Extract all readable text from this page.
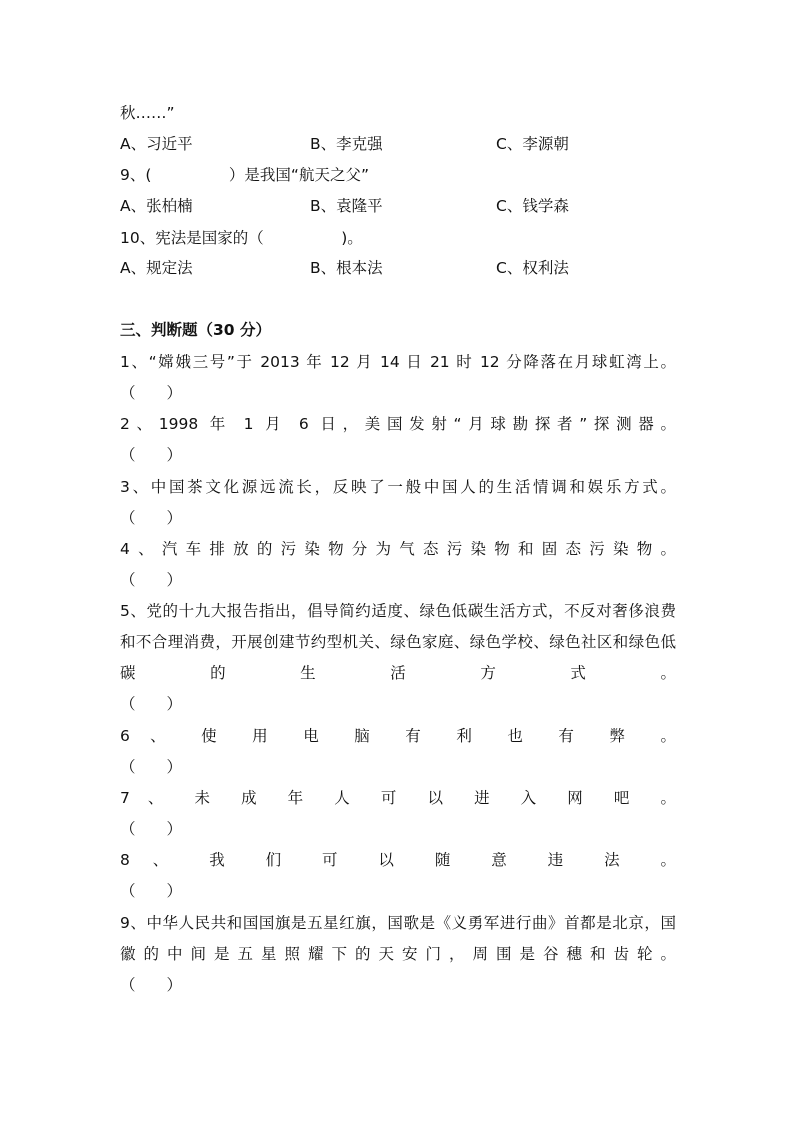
秋……”
A、习近平	B、李克强	C、李源朝
9、(　　　　　）是我国“航天之父”
A、张柏楠	B、袁隆平	C、钱学森
10、宪法是国家的（　　　　　)。
A、规定法	B、根本法	C、权利法
三、判断题（30 分）
1、“嫦娥三号”于 2013 年 12 月 14 日 21 时 12 分降落在月球虹湾上。
（　　）
2、1998 年 1 月 6 日，美国发射“月球勘探者”探测器。
（　　）
3、中国茶文化源远流长，反映了一般中国人的生活情调和娱乐方式。
（　　）
4、汽车排放的污染物分为气态污染物和固态污染物。
（　　）
5、党的十九大报告指出，倡导简约适度、绿色低碳生活方式，不反对奢侈浪费
和不合理消费，开展创建节约型机关、绿色家庭、绿色学校、绿色社区和绿色低
碳 的 生 活 方 式 。
（　　）
6 、 使 用 电 脑 有 利 也 有 弊 。
（　　）
7 、 未 成 年 人 可 以 进 入 网 吧 。
（　　）
8 、 我 们 可 以 随 意 违 法 。
（　　）
9、中华人民共和国国旗是五星红旗，国歌是《义勇军进行曲》首都是北京，国
徽的中间是五星照耀下的天安门，周围是谷穗和齿轮。
（　　）
